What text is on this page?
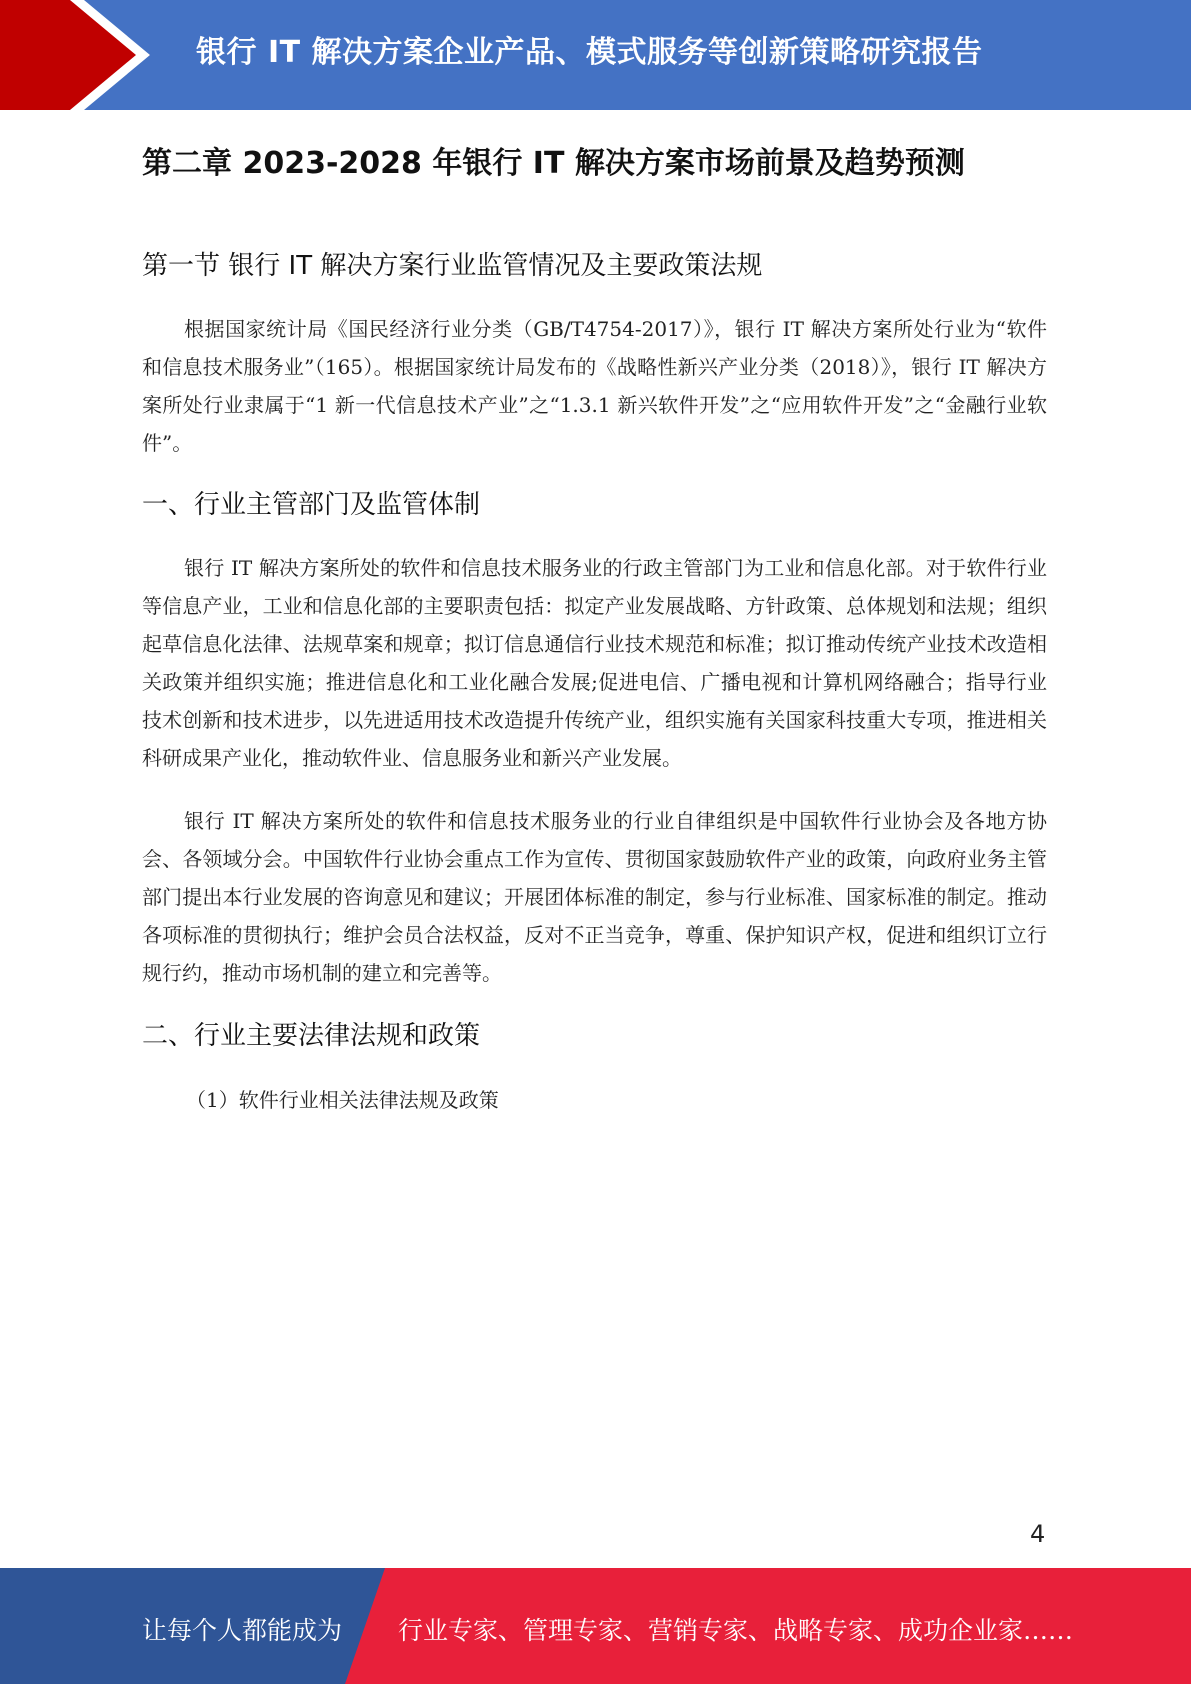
银行 IT 解决方案企业产品、模式服务等创新策略研究报告
第二章 2023-2028 年银行 IT 解决方案市场前景及趋势预测
第一节 银行 IT 解决方案行业监管情况及主要政策法规

根据国家统计局《国民经济行业分类（GB/T4754-2017）》，银行 IT 解决方案所处行业为“软件和信息技术服务业”（165）。根据国家统计局发布的《战略性新兴产业分类（2018）》，银行 IT 解决方案所处行业隶属于“1 新一代信息技术产业”之“1.3.1 新兴软件开发”之“应用软件开发”之“金融行业软件”。

一、行业主管部门及监管体制

银行 IT 解决方案所处的软件和信息技术服务业的行政主管部门为工业和信息化部。对于软件行业等信息产业，工业和信息化部的主要职责包括：拟定产业发展战略、方针政策、总体规划和法规；组织起草信息化法律、法规草案和规章；拟订信息通信行业技术规范和标准；拟订推动传统产业技术改造相关政策并组织实施；推进信息化和工业化融合发展;促进电信、广播电视和计算机网络融合；指导行业技术创新和技术进步，以先进适用技术改造提升传统产业，组织实施有关国家科技重大专项，推进相关科研成果产业化，推动软件业、信息服务业和新兴产业发展。

银行 IT 解决方案所处的软件和信息技术服务业的行业自律组织是中国软件行业协会及各地方协会、各领域分会。中国软件行业协会重点工作为宣传、贯彻国家鼓励软件产业的政策，向政府业务主管部门提出本行业发展的咨询意见和建议；开展团体标准的制定，参与行业标准、国家标准的制定。推动各项标准的贯彻执行；维护会员合法权益，反对不正当竞争，尊重、保护知识产权，促进和组织订立行规行约，推动市场机制的建立和完善等。

二、行业主要法律法规和政策
（1）软件行业相关法律法规及政策
4
让每个人都能成为 行业专家、管理专家、营销专家、战略专家、成功企业家……
